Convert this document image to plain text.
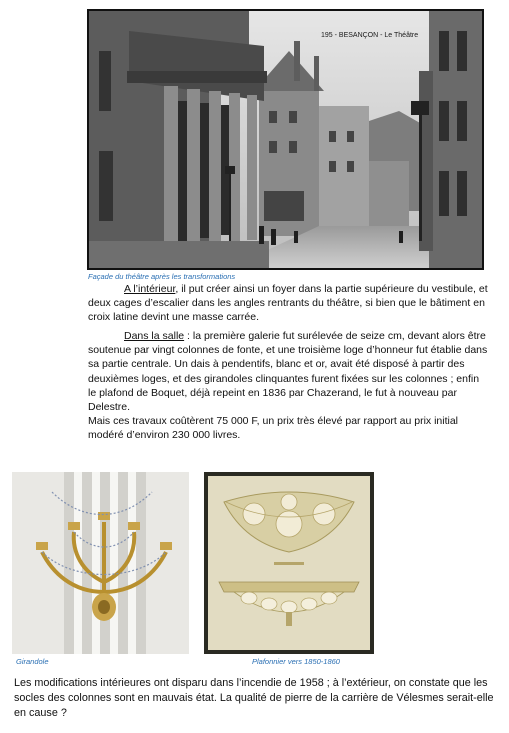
195 - BESANÇON - Le Théâtre
Façade du théâtre après les transformations

A l’intérieur, il put créer ainsi un foyer dans la partie supérieure du vestibule, et deux cages d’escalier dans les angles rentrants du théâtre, si bien que le bâtiment en croix latine devint une masse carrée.

Dans la salle : la première galerie fut surélevée de seize cm, devant alors être soutenue par vingt colonnes de fonte, et une troisième loge d’honneur fut établie dans sa partie centrale. Un dais à pendentifs, blanc et or, avait été disposé à partir des deuxièmes loges, et des girandoles clinquantes furent fixées sur les colonnes ; enfin le plafond de Boquet, déjà repeint en 1836 par Chazerand, le fut à nouveau par Delestre.

Mais ces travaux coûtèrent 75 000 F, un prix très élevé par rapport au prix initial modéré d’environ 230 000 livres.

Girandole	Plafonnier vers 1850-1860
Les modifications intérieures ont disparu dans l’incendie de 1958 ; à l’extérieur, on constate que les socles des colonnes sont en mauvais état. La qualité de pierre de la carrière de Vélesmes serait-elle en cause ?
